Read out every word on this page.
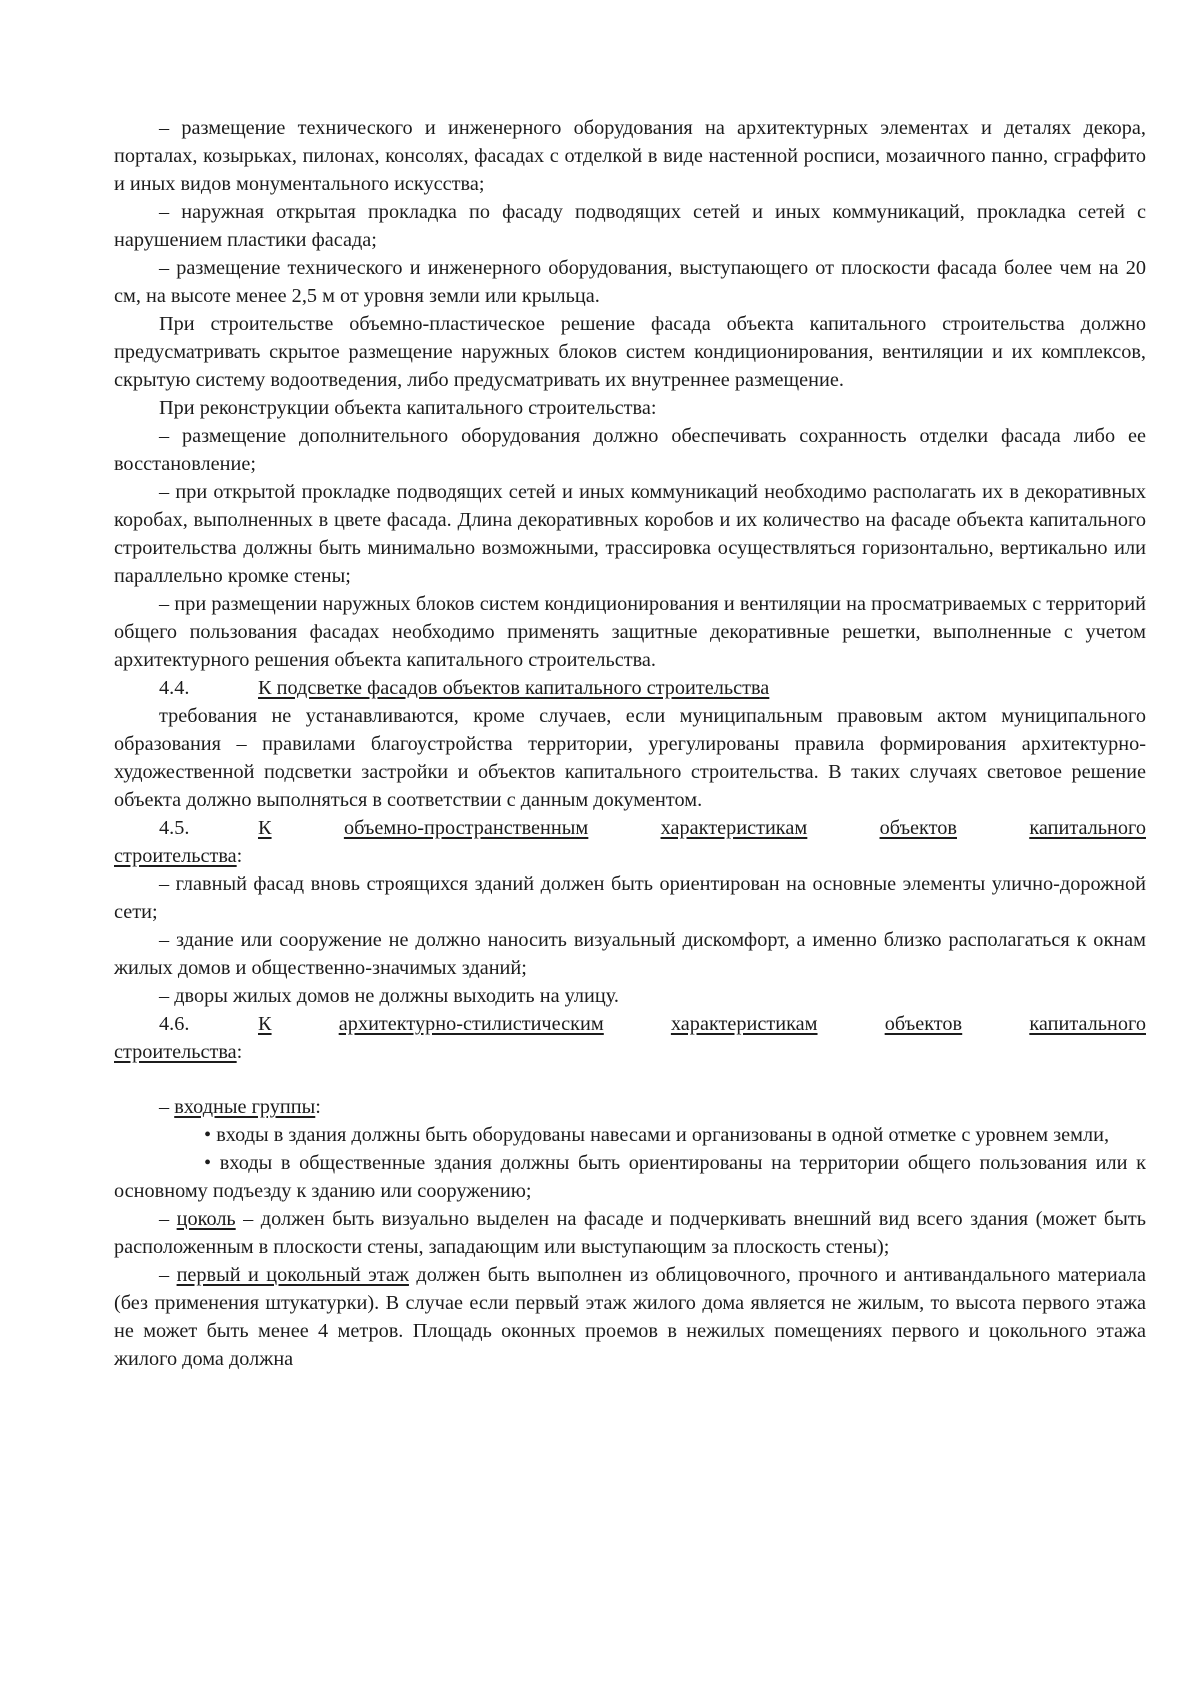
– размещение технического и инженерного оборудования на архитектурных элементах и деталях декора, порталах, козырьках, пилонах, консолях, фасадах с отделкой в виде настенной росписи, мозаичного панно, сграффито и иных видов монументального искусства;

– наружная открытая прокладка по фасаду подводящих сетей и иных коммуникаций, прокладка сетей с нарушением пластики фасада;

– размещение технического и инженерного оборудования, выступающего от плоскости фасада более чем на 20 см, на высоте менее 2,5 м от уровня земли или крыльца.

При строительстве объемно-пластическое решение фасада объекта капитального строительства должно предусматривать скрытое размещение наружных блоков систем кондиционирования, вентиляции и их комплексов, скрытую систему водоотведения, либо предусматривать их внутреннее размещение.

При реконструкции объекта капитального строительства:

– размещение дополнительного оборудования должно обеспечивать сохранность отделки фасада либо ее восстановление;

– при открытой прокладке подводящих сетей и иных коммуникаций необходимо располагать их в декоративных коробах, выполненных в цвете фасада. Длина декоративных коробов и их количество на фасаде объекта капитального строительства должны быть минимально возможными, трассировка осуществляться горизонтально, вертикально или параллельно кромке стены;

– при размещении наружных блоков систем кондиционирования и вентиляции на просматриваемых с территорий общего пользования фасадах необходимо применять защитные декоративные решетки, выполненные с учетом архитектурного решения объекта капитального строительства.

4.4.	К подсветке фасадов объектов капитального строительства

требования не устанавливаются, кроме случаев, если муниципальным правовым актом муниципального образования – правилами благоустройства территории, урегулированы правила формирования архитектурно-художественной подсветки застройки и объектов капитального строительства. В таких случаях световое решение объекта должно выполняться в соответствии с данным документом.

4.5.	К	объемно-пространственным	характеристикам	объектов	капитального

строительства:

– главный фасад вновь строящихся зданий должен быть ориентирован на основные элементы улично-дорожной сети;

– здание или сооружение не должно наносить визуальный дискомфорт, а именно близко располагаться к окнам жилых домов и общественно-значимых зданий;

– дворы жилых домов не должны выходить на улицу.

4.6.	К	архитектурно-стилистическим	характеристикам	объектов	капитального

строительства:

– входные группы:

• входы в здания должны быть оборудованы навесами и организованы в одной отметке с уровнем земли,

• входы в общественные здания должны быть ориентированы на территории общего пользования или к основному подъезду к зданию или сооружению;

– цоколь – должен быть визуально выделен на фасаде и подчеркивать внешний вид всего здания (может быть расположенным в плоскости стены, западающим или выступающим за плоскость стены);

– первый и цокольный этаж должен быть выполнен из облицовочного, прочного и антивандального материала (без применения штукатурки). В случае если первый этаж жилого дома является не жилым, то высота первого этажа не может быть менее 4 метров. Площадь оконных проемов в нежилых помещениях первого и цокольного этажа жилого дома должна
